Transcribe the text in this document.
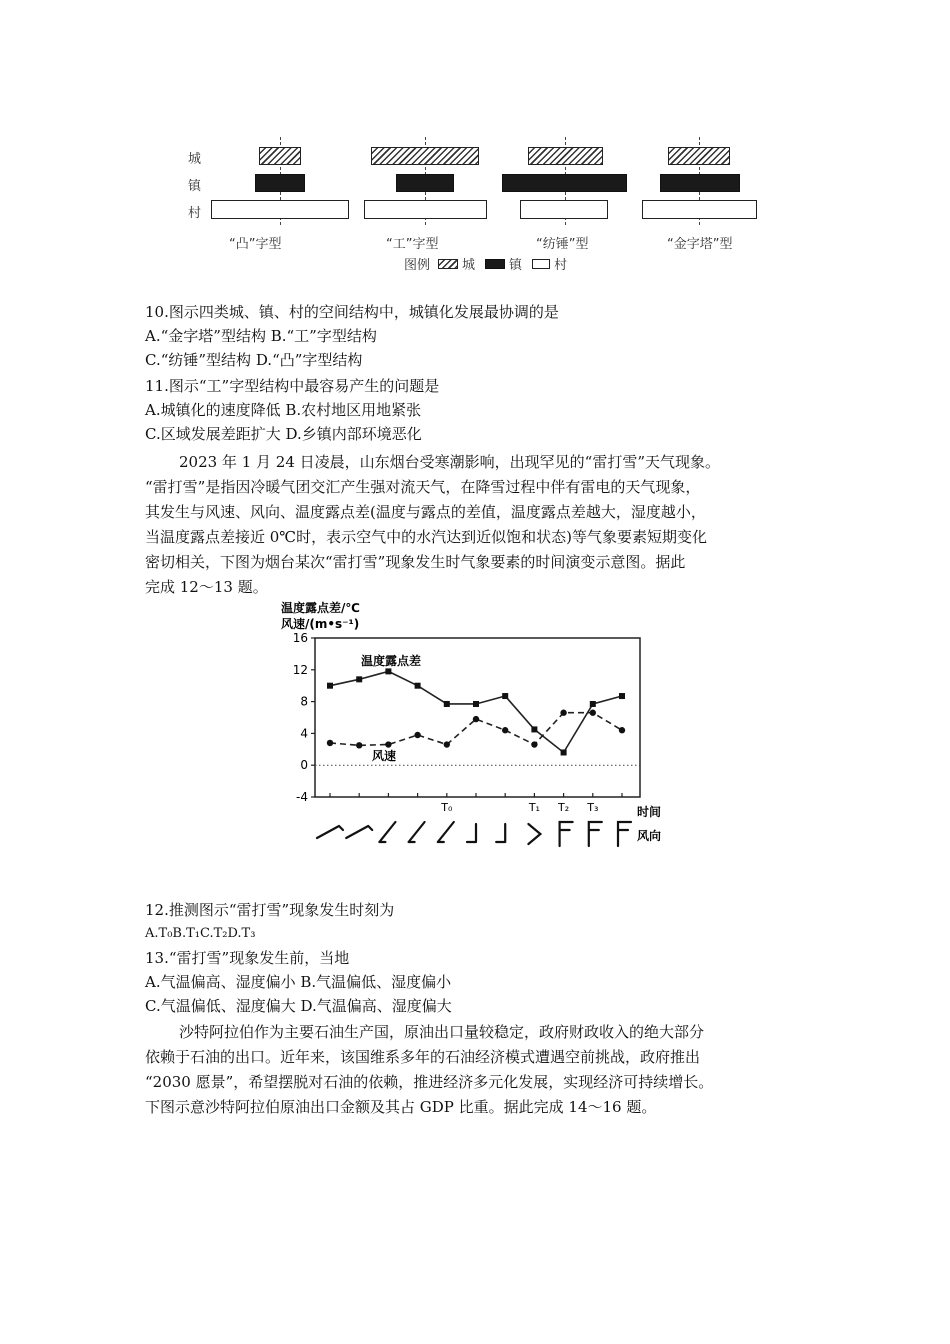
城
镇
村
“凸”字型	“工”字型	“纺锤”型	“金字塔”型
图例 城	镇 村
10.图示四类城、镇、村的空间结构中，城镇化发展最协调的是
A.“金字塔”型结构 B.“工”字型结构
C.“纺锤”型结构 D.“凸”字型结构
11.图示“工”字型结构中最容易产生的问题是
A.城镇化的速度降低 B.农村地区用地紧张
C.区域发展差距扩大 D.乡镇内部环境恶化
2023 年 1 月 24 日凌晨，山东烟台受寒潮影响，出现罕见的“雷打雪”天气现象。
“雷打雪”是指因冷暖气团交汇产生强对流天气，在降雪过程中伴有雷电的天气现象，
其发生与风速、风向、温度露点差(温度与露点的差值，温度露点差越大，湿度越小，
当温度露点差接近 0℃时，表示空气中的水汽达到近似饱和状态)等气象要素短期变化
密切相关，下图为烟台某次“雷打雪”现象发生时气象要素的时间演变示意图。据此
完成 12～13 题。
温度露点差/℃
风速/(m•s⁻¹)
-4
0
4
8
12
16
温度露点差
风速
T₀	T₁ T₂ T₃	时间
风向
12.推测图示“雷打雪”现象发生时刻为
A.T₀B.T₁C.T₂D.T₃
13.“雷打雪”现象发生前，当地
A.气温偏高、湿度偏小 B.气温偏低、湿度偏小
C.气温偏低、湿度偏大 D.气温偏高、湿度偏大
沙特阿拉伯作为主要石油生产国，原油出口量较稳定，政府财政收入的绝大部分
依赖于石油的出口。近年来，该国维系多年的石油经济模式遭遇空前挑战，政府推出
“2030 愿景”，希望摆脱对石油的依赖，推进经济多元化发展，实现经济可持续增长。
下图示意沙特阿拉伯原油出口金额及其占 GDP 比重。据此完成 14～16 题。
